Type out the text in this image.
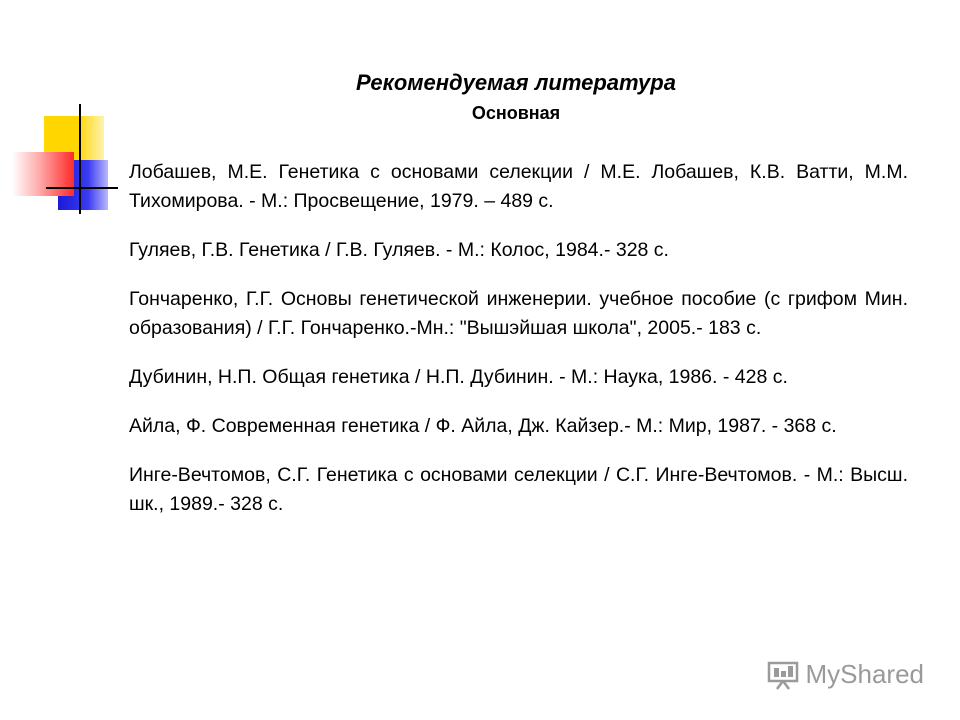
Рекомендуемая литература
Основная

Лобашев, М.Е. Генетика с основами селекции / М.Е. Лобашев, К.В. Ватти, М.М. Тихомирова. - М.: Просвещение, 1979. – 489 с.

Гуляев, Г.В. Генетика / Г.В. Гуляев. - М.: Колос, 1984.- 328 с.

Гончаренко, Г.Г. Основы генетической инженерии. учебное пособие (с грифом Мин. образования) / Г.Г. Гончаренко.-Мн.: "Вышэйшая школа", 2005.- 183 с.

Дубинин, Н.П. Общая генетика / Н.П. Дубинин. - М.: Наука, 1986. - 428 с.

Айла, Ф. Современная генетика / Ф. Айла, Дж. Кайзер.- М.: Мир, 1987. - 368 с.

Инге-Вечтомов, С.Г. Генетика с основами селекции / С.Г. Инге-Вечтомов. - М.: Высш. шк., 1989.- 328 с.

MyShared
